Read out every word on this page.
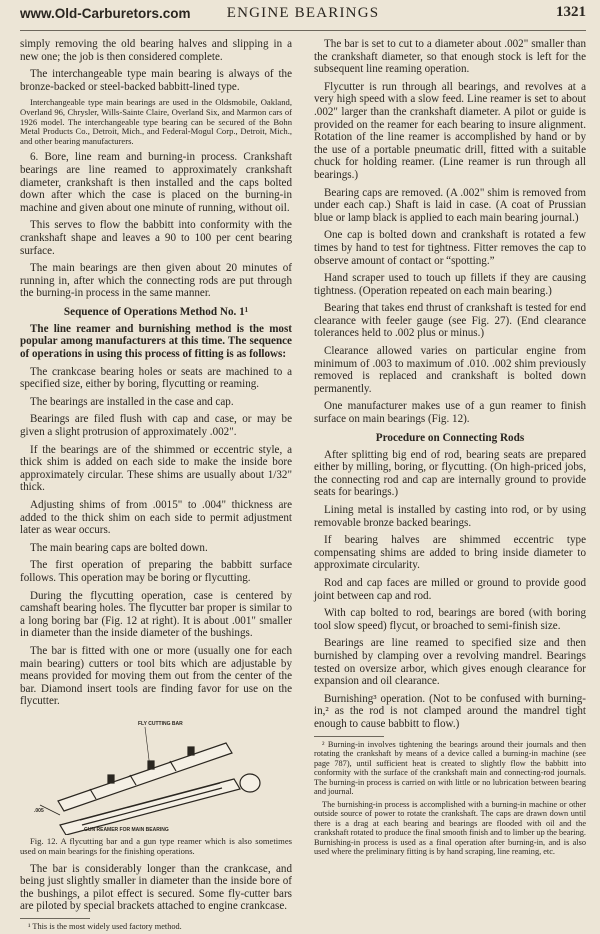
www.Old-Carburetors.com	ENGINE BEARINGS	1321

simply removing the old bearing halves and slipping in a new one; the job is then considered complete.

The interchangeable type main bearing is always of the bronze-backed or steel-backed babbitt-lined type.

Interchangeable type main bearings are used in the Oldsmobile, Oakland, Overland 96, Chrysler, Wills-Sainte Claire, Overland Six, and Marmon cars of 1926 model. The interchangeable type bearing can be secured of the Bohn Metal Products Co., Detroit, Mich., and Federal-Mogul Corp., Detroit, Mich., and other bearing manufacturers.

6. Bore, line ream and burning-in process. Crankshaft bearings are line reamed to approximately crankshaft diameter, crankshaft is then installed and the caps bolted down after which the case is placed on the burning-in machine and given about one minute of running, without oil.

This serves to flow the babbitt into conformity with the crankshaft shape and leaves a 90 to 100 per cent bearing surface.

The main bearings are then given about 20 minutes of running in, after which the connecting rods are put through the burning-in process in the same manner.

Sequence of Operations Method No. 1¹

The line reamer and burnishing method is the most popular among manufacturers at this time. The sequence of operations in using this process of fitting is as follows:

The crankcase bearing holes or seats are machined to a specified size, either by boring, flycutting or reaming.

The bearings are installed in the case and cap.

Bearings are filed flush with cap and case, or may be given a slight protrusion of approximately .002".

If the bearings are of the shimmed or eccentric style, a thick shim is added on each side to make the inside bore approximately circular. These shims are usually about 1/32" thick.

Adjusting shims of from .0015" to .004" thickness are added to the thick shim on each side to permit adjustment later as wear occurs.

The main bearing caps are bolted down.

The first operation of preparing the babbitt surface follows. This operation may be boring or flycutting.

During the flycutting operation, case is centered by camshaft bearing holes. The flycutter bar proper is similar to a long boring bar (Fig. 12 at right). It is about .001" smaller in diameter than the inside diameter of the bushings.

The bar is fitted with one or more (usually one for each main bearing) cutters or tool bits which are adjustable by means provided for moving them out from the center of the bar. Diamond insert tools are finding favor for use on the flycutter.

FLY CUTTING BAR
GUN REAMER FOR MAIN BEARING
.005

Fig. 12. A flycutting bar and a gun type reamer which is also sometimes used on main bearings for the finishing operations.

The bar is considerably longer than the crankcase, and being just slightly smaller in diameter than the inside bore of the bushings, a pilot effect is secured. Some fly-cutter bars are piloted by special brackets attached to engine crankcase.

¹ This is the most widely used factory method.

The bar is set to cut to a diameter about .002" smaller than the crankshaft diameter, so that enough stock is left for the subsequent line reaming operation.

Flycutter is run through all bearings, and revolves at a very high speed with a slow feed. Line reamer is set to about .002" larger than the crankshaft diameter. A pilot or guide is provided on the reamer for each bearing to insure alignment. Rotation of the line reamer is accomplished by hand or by the use of a portable pneumatic drill, fitted with a suitable chuck for holding reamer. (Line reamer is run through all bearings.)

Bearing caps are removed. (A .002" shim is removed from under each cap.) Shaft is laid in case. (A coat of Prussian blue or lamp black is applied to each main bearing journal.)

One cap is bolted down and crankshaft is rotated a few times by hand to test for tightness. Fitter removes the cap to observe amount of contact or “spotting.”

Hand scraper used to touch up fillets if they are causing tightness. (Operation repeated on each main bearing.)

Bearing that takes end thrust of crankshaft is tested for end clearance with feeler gauge (see Fig. 27). (End clearance tolerances held to .002 plus or minus.)

Clearance allowed varies on particular engine from minimum of .003 to maximum of .010. .002 shim previously removed is replaced and crankshaft is bolted down permanently.

One manufacturer makes use of a gun reamer to finish surface on main bearings (Fig. 12).

Procedure on Connecting Rods

After splitting big end of rod, bearing seats are prepared either by milling, boring, or flycutting. (On high-priced jobs, the connecting rod and cap are internally ground to provide seats for bearings.)

Lining metal is installed by casting into rod, or by using removable bronze backed bearings.

If bearing halves are shimmed eccentric type compensating shims are added to bring inside diameter to approximate circularity.

Rod and cap faces are milled or ground to provide good joint between cap and rod.

With cap bolted to rod, bearings are bored (with boring tool slow speed) flycut, or broached to semi-finish size.

Bearings are line reamed to specified size and then burnished by clamping over a revolving mandrel. Bearings tested on oversize arbor, which gives enough clearance for expansion and oil clearance.

Burnishing³ operation. (Not to be confused with burning-in,² as the rod is not clamped around the mandrel tight enough to cause babbitt to flow.)

² Burning-in involves tightening the bearings around their journals and then rotating the crankshaft by means of a device called a burning-in machine (see page 787), until sufficient heat is created to slightly flow the babbitt into conformity with the surface of the crankshaft main and connecting-rod journals. The burning-in process is carried on with little or no lubrication between bearing and journal.

The burnishing-in process is accomplished with a burning-in machine or other outside source of power to rotate the crankshaft. The caps are drawn down until there is a drag at each bearing and bearings are flooded with oil and the crankshaft rotated to produce the final smooth finish and to limber up the bearing. Burnishing-in process is used as a final operation after burning-in, and is also used where the preliminary fitting is by hand scraping, line reaming, etc.
